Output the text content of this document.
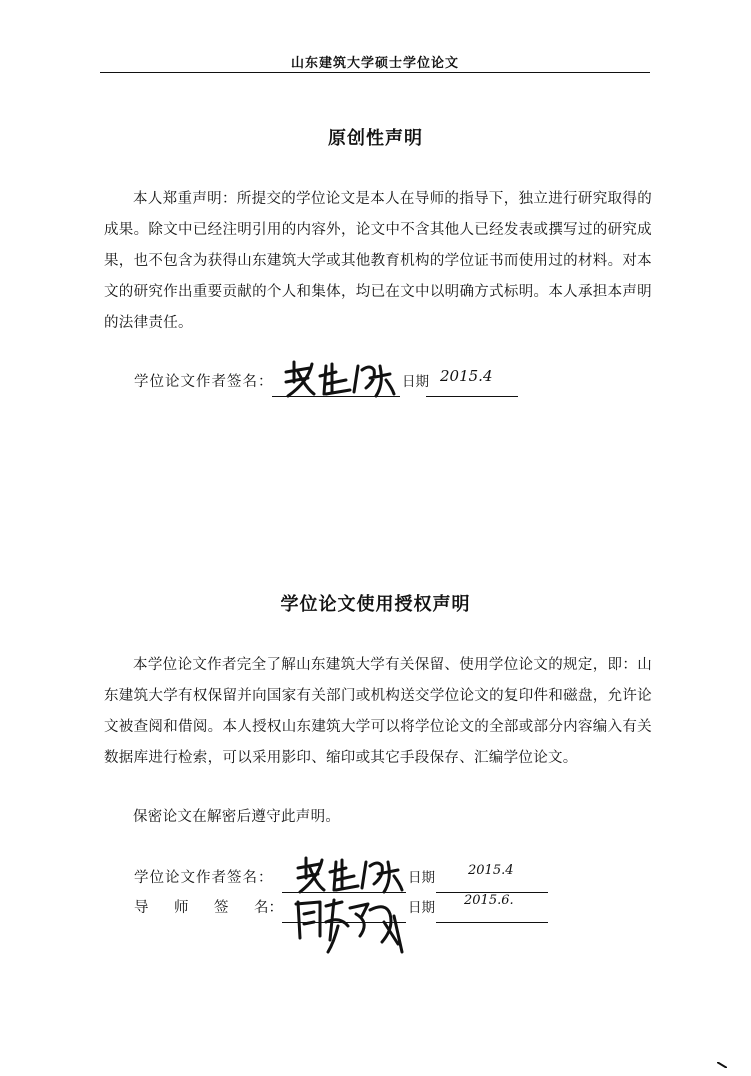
山东建筑大学硕士学位论文
原创性声明

本人郑重声明：所提交的学位论文是本人在导师的指导下，独立进行研究取得的成果。除文中已经注明引用的内容外，论文中不含其他人已经发表或撰写过的研究成果，也不包含为获得山东建筑大学或其他教育机构的学位证书而使用过的材料。对本文的研究作出重要贡献的个人和集体，均已在文中以明确方式标明。本人承担本声明的法律责任。

学位论文作者签名：	日期 2015.4
学位论文使用授权声明

本学位论文作者完全了解山东建筑大学有关保留、使用学位论文的规定，即：山东建筑大学有权保留并向国家有关部门或机构送交学位论文的复印件和磁盘，允许论文被查阅和借阅。本人授权山东建筑大学可以将学位论文的全部或部分内容编入有关数据库进行检索，可以采用影印、缩印或其它手段保存、汇编学位论文。

保密论文在解密后遵守此声明。

学位论文作者签名：	日期	2015.4
导 师 签 名：	日期 2015.6.
